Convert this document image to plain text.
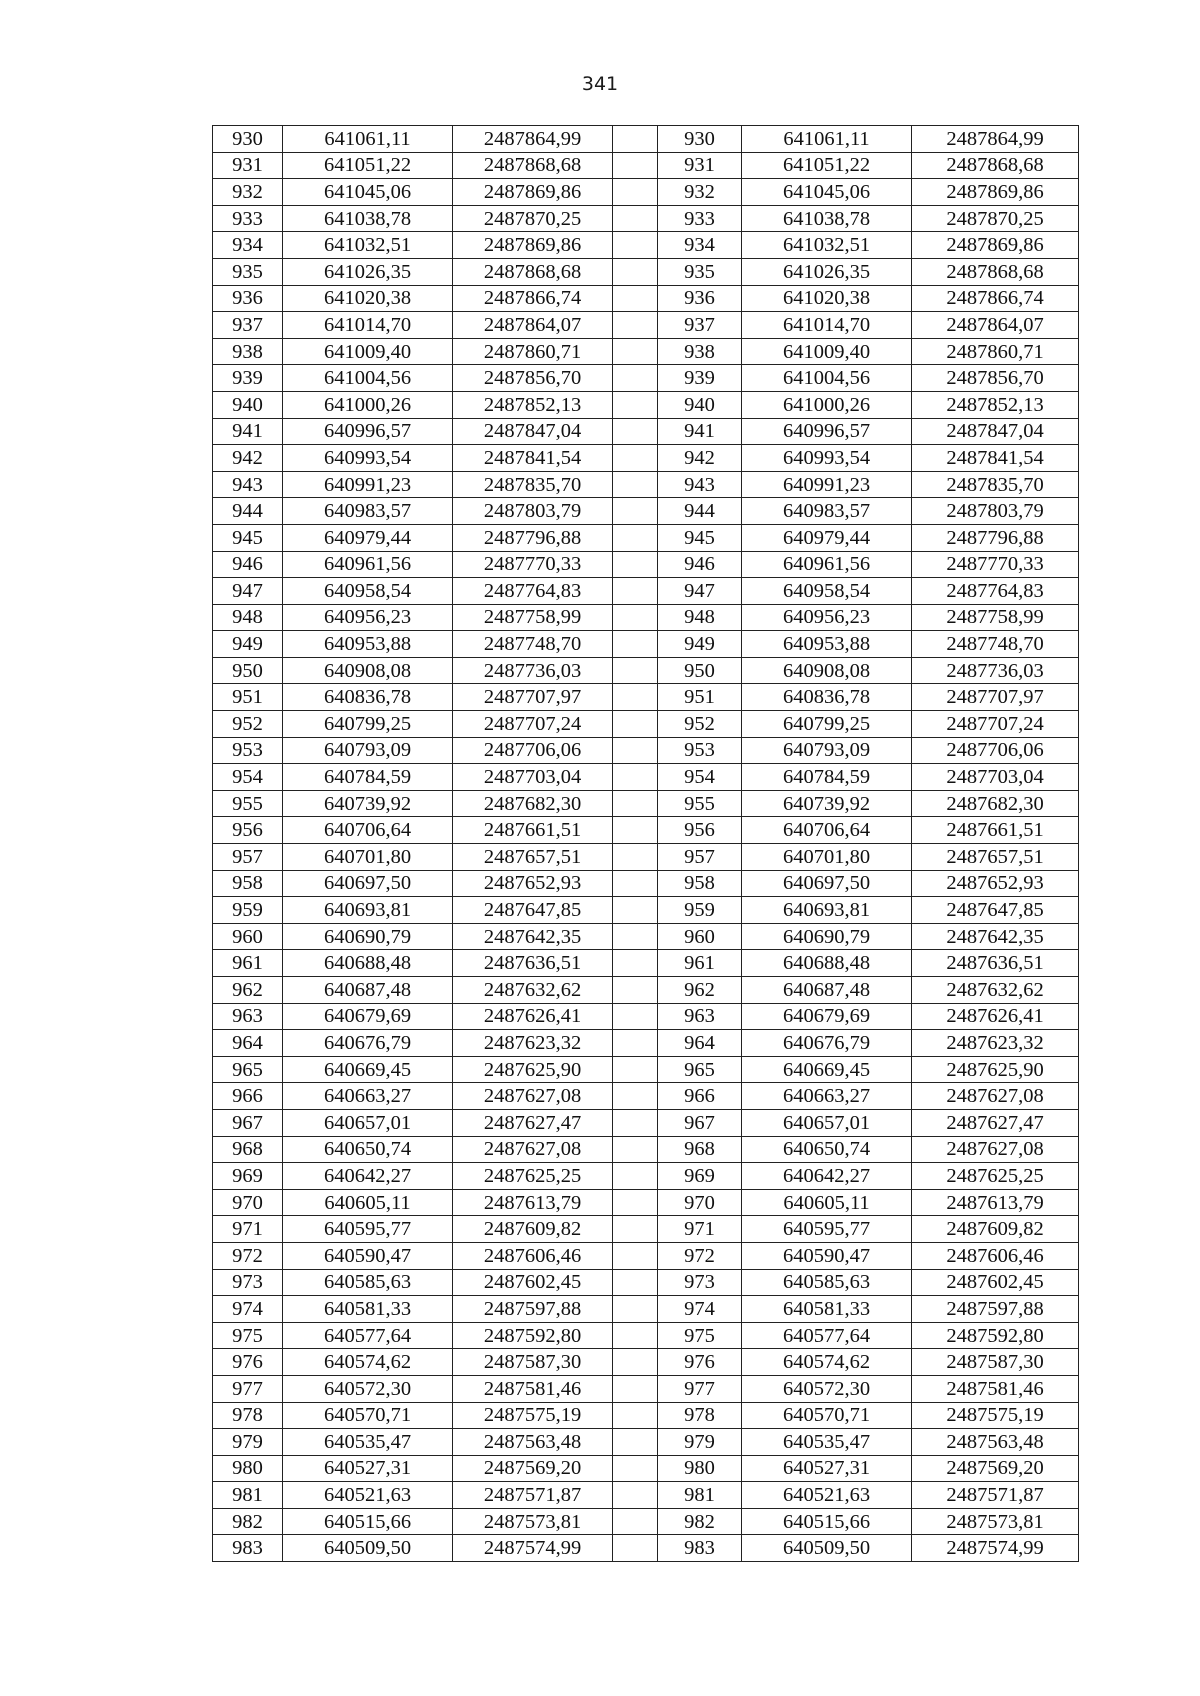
341
930	641061,11	2487864,99		930	641061,11	2487864,99
931	641051,22	2487868,68		931	641051,22	2487868,68
932	641045,06	2487869,86		932	641045,06	2487869,86
933	641038,78	2487870,25		933	641038,78	2487870,25
934	641032,51	2487869,86		934	641032,51	2487869,86
935	641026,35	2487868,68		935	641026,35	2487868,68
936	641020,38	2487866,74		936	641020,38	2487866,74
937	641014,70	2487864,07		937	641014,70	2487864,07
938	641009,40	2487860,71		938	641009,40	2487860,71
939	641004,56	2487856,70		939	641004,56	2487856,70
940	641000,26	2487852,13		940	641000,26	2487852,13
941	640996,57	2487847,04		941	640996,57	2487847,04
942	640993,54	2487841,54		942	640993,54	2487841,54
943	640991,23	2487835,70		943	640991,23	2487835,70
944	640983,57	2487803,79		944	640983,57	2487803,79
945	640979,44	2487796,88		945	640979,44	2487796,88
946	640961,56	2487770,33		946	640961,56	2487770,33
947	640958,54	2487764,83		947	640958,54	2487764,83
948	640956,23	2487758,99		948	640956,23	2487758,99
949	640953,88	2487748,70		949	640953,88	2487748,70
950	640908,08	2487736,03		950	640908,08	2487736,03
951	640836,78	2487707,97		951	640836,78	2487707,97
952	640799,25	2487707,24		952	640799,25	2487707,24
953	640793,09	2487706,06		953	640793,09	2487706,06
954	640784,59	2487703,04		954	640784,59	2487703,04
955	640739,92	2487682,30		955	640739,92	2487682,30
956	640706,64	2487661,51		956	640706,64	2487661,51
957	640701,80	2487657,51		957	640701,80	2487657,51
958	640697,50	2487652,93		958	640697,50	2487652,93
959	640693,81	2487647,85		959	640693,81	2487647,85
960	640690,79	2487642,35		960	640690,79	2487642,35
961	640688,48	2487636,51		961	640688,48	2487636,51
962	640687,48	2487632,62		962	640687,48	2487632,62
963	640679,69	2487626,41		963	640679,69	2487626,41
964	640676,79	2487623,32		964	640676,79	2487623,32
965	640669,45	2487625,90		965	640669,45	2487625,90
966	640663,27	2487627,08		966	640663,27	2487627,08
967	640657,01	2487627,47		967	640657,01	2487627,47
968	640650,74	2487627,08		968	640650,74	2487627,08
969	640642,27	2487625,25		969	640642,27	2487625,25
970	640605,11	2487613,79		970	640605,11	2487613,79
971	640595,77	2487609,82		971	640595,77	2487609,82
972	640590,47	2487606,46		972	640590,47	2487606,46
973	640585,63	2487602,45		973	640585,63	2487602,45
974	640581,33	2487597,88		974	640581,33	2487597,88
975	640577,64	2487592,80		975	640577,64	2487592,80
976	640574,62	2487587,30		976	640574,62	2487587,30
977	640572,30	2487581,46		977	640572,30	2487581,46
978	640570,71	2487575,19		978	640570,71	2487575,19
979	640535,47	2487563,48		979	640535,47	2487563,48
980	640527,31	2487569,20		980	640527,31	2487569,20
981	640521,63	2487571,87		981	640521,63	2487571,87
982	640515,66	2487573,81		982	640515,66	2487573,81
983	640509,50	2487574,99		983	640509,50	2487574,99
